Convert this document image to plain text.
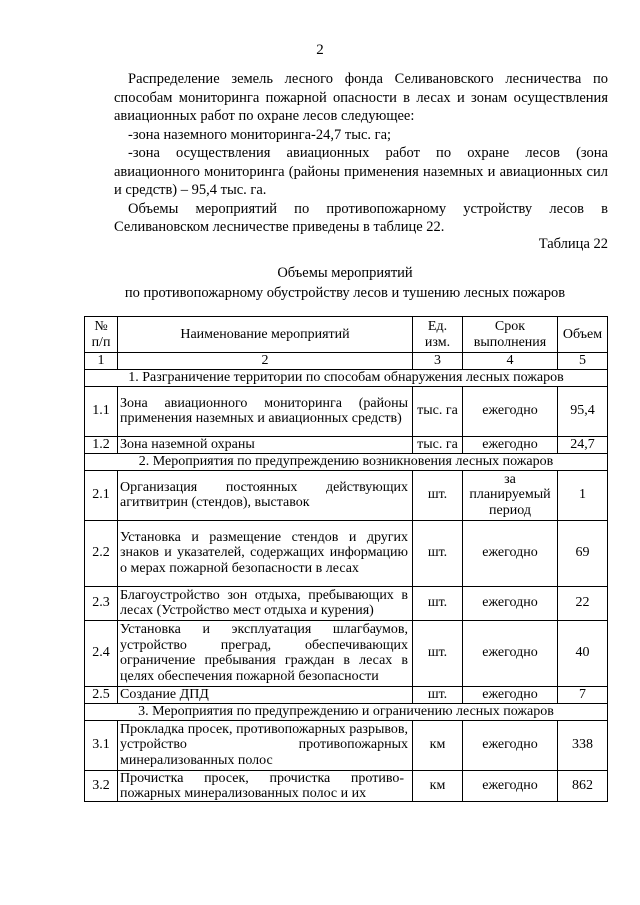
2

Распределение земель лесного фонда Селивановского лесничества по способам мониторинга пожарной опасности в лесах и зонам осуществления авиационных работ по охране лесов следующее:

-зона наземного мониторинга-24,7 тыс. га;

-зона осуществления авиационных работ по охране лесов (зона авиационного мониторинга (районы применения наземных и авиационных сил и средств) – 95,4 тыс. га.

Объемы мероприятий по противопожарному устройству лесов в Селивановском лесничестве приведены в таблице 22.

Таблица 22
Объемы мероприятий
по противопожарному обустройству лесов и тушению лесных пожаров
№ п/п	Наименование мероприятий	Ед. изм.	Срок выполнения	Объем
1	2	3	4	5
1. Разграничение территории по способам обнаружения лесных пожаров				
1.1	Зона авиационного мониторинга (районы применения наземных и авиационных средств)	тыс. га	ежегодно	95,4
1.2	Зона наземной охраны	тыс. га	ежегодно	24,7
2. Мероприятия по предупреждению возникновения лесных пожаров				
2.1	Организация постоянных действующих агитвитрин (стендов), выставок	шт.	за планируемый период	1
2.2	Установка и размещение стендов и других знаков и указателей, содержащих информацию о мерах пожарной безопасности в лесах	шт.	ежегодно	69
2.3	Благоустройство зон отдыха, пребывающих в лесах (Устройство мест отдыха и курения)	шт.	ежегодно	22
2.4	Установка и эксплуатация шлагбаумов, устройство преград, обеспечивающих ограничение пребывания граждан в лесах в целях обеспечения пожарной безопасности	шт.	ежегодно	40
2.5	Создание ДПД	шт.	ежегодно	7
3. Мероприятия по предупреждению и ограничению лесных пожаров				
3.1	Прокладка просек, противопожарных разрывов, устройство противопожарных минерализованных полос	км	ежегодно	338
3.2	Прочистка просек, прочистка противо-пожарных минерализованных полос и их	км	ежегодно	862
